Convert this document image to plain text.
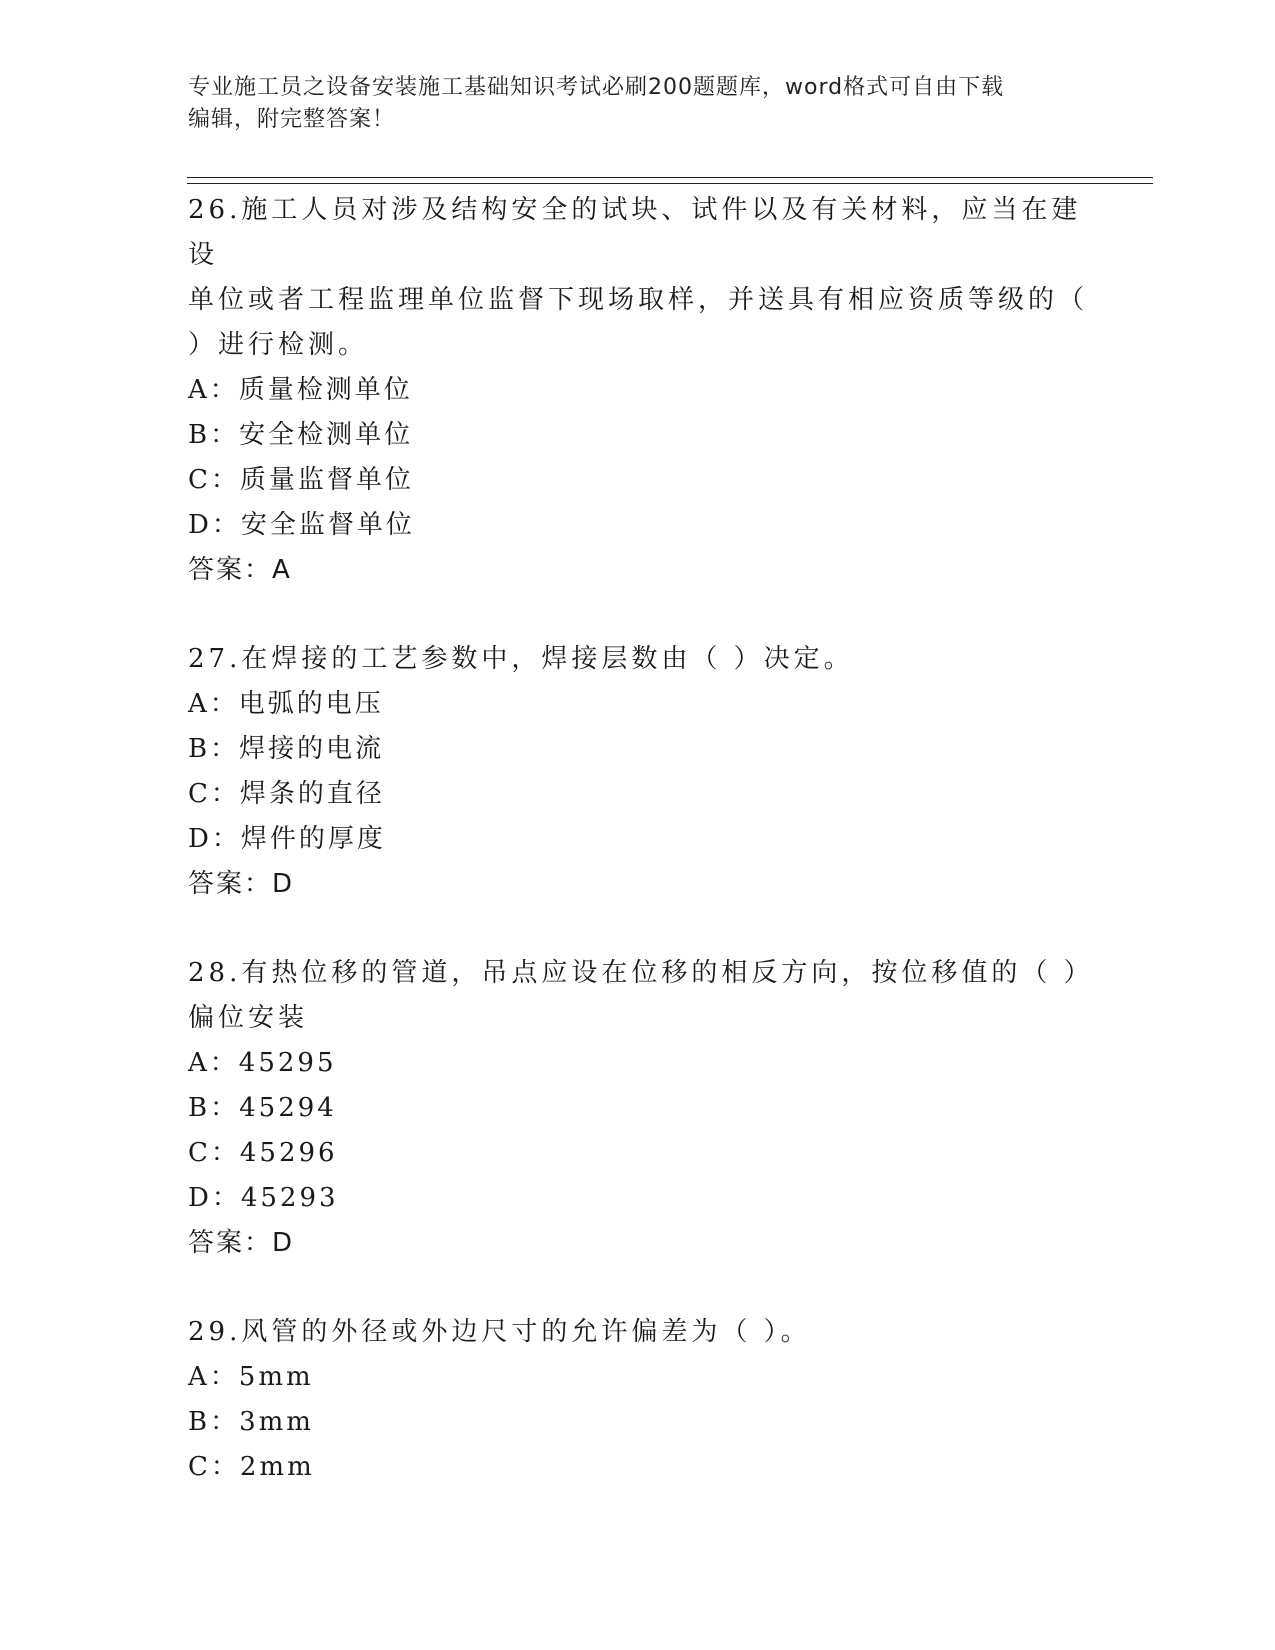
专业施工员之设备安装施工基础知识考试必刷200题题库，word格式可自由下载
编辑，附完整答案！

26.施工人员对涉及结构安全的试块、试件以及有关材料，应当在建设

单位或者工程监理单位监督下现场取样，并送具有相应资质等级的（

）进行检测。

A：质量检测单位

B：安全检测单位

C：质量监督单位

D：安全监督单位

答案：A

27.在焊接的工艺参数中，焊接层数由（ ）决定。

A：电弧的电压

B：焊接的电流

C：焊条的直径

D：焊件的厚度

答案：D

28.有热位移的管道，吊点应设在位移的相反方向，按位移值的（ ）

偏位安装

A：45295

B：45294

C：45296

D：45293

答案：D

29.风管的外径或外边尺寸的允许偏差为（ ）。

A：5mm

B：3mm

C：2mm
